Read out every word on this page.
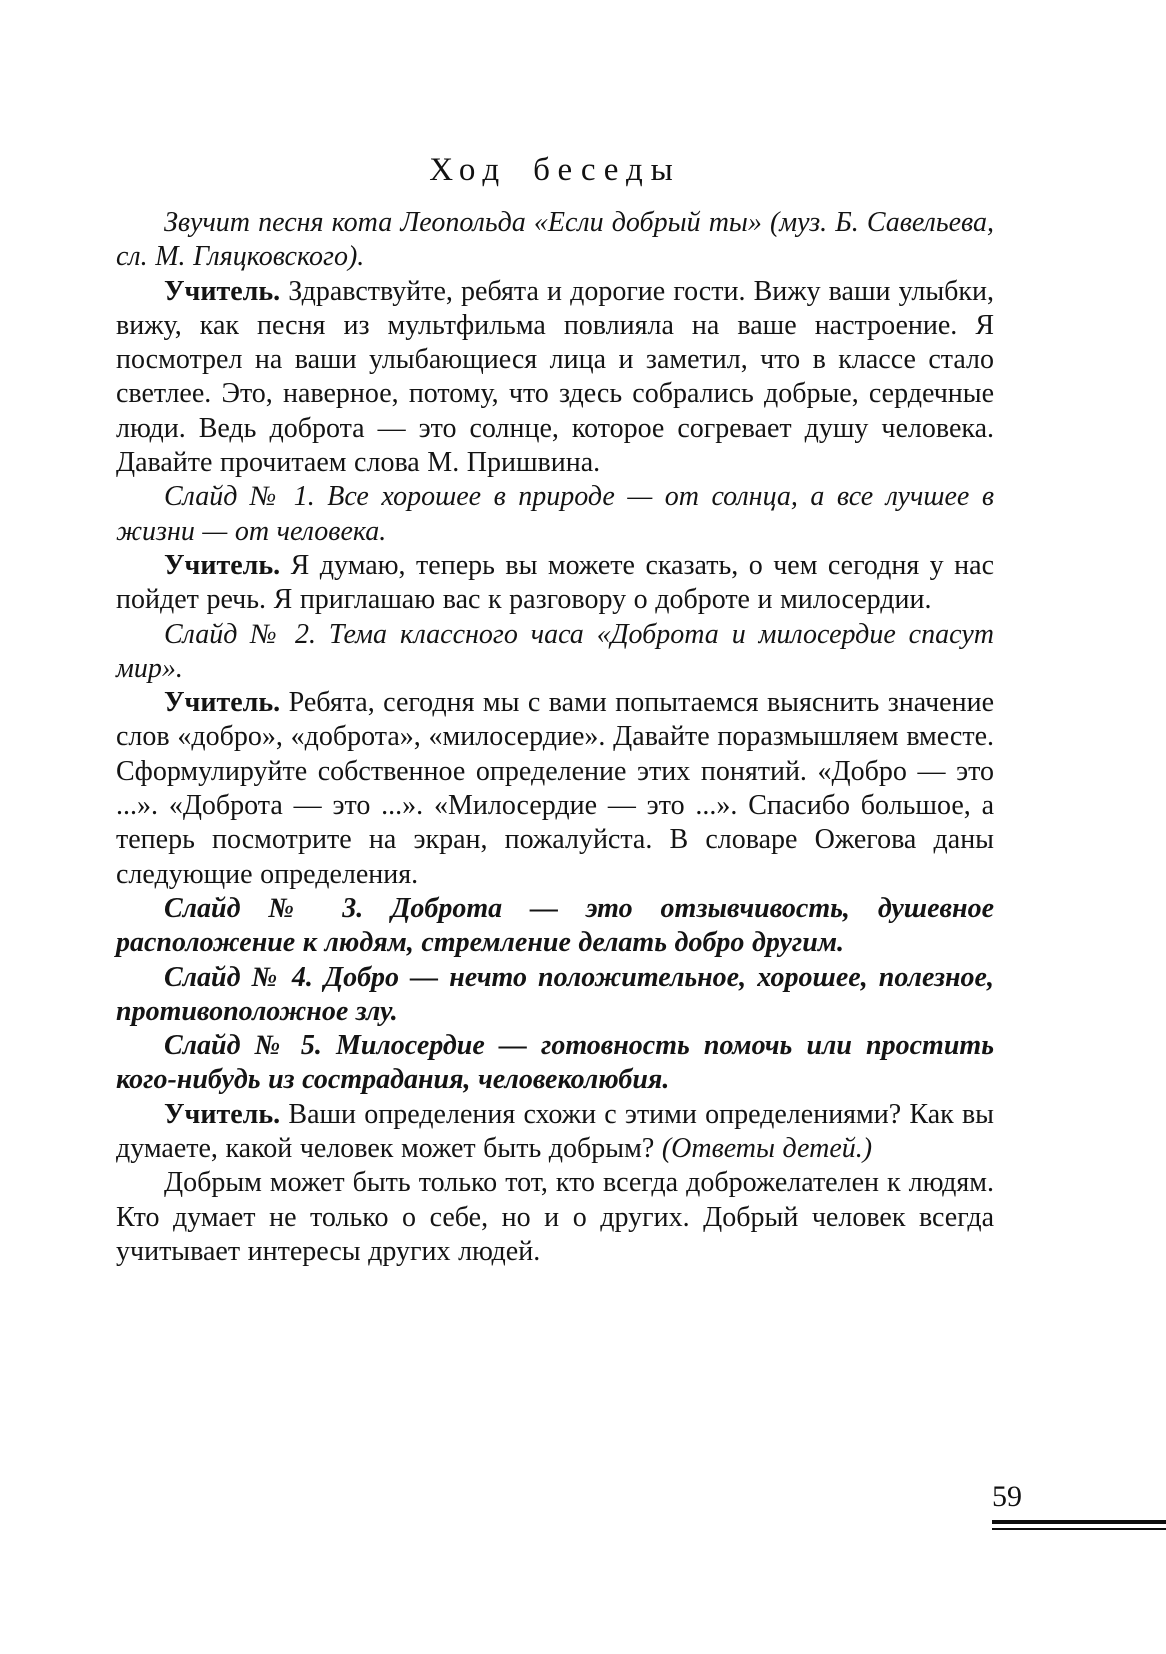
Ход беседы

Звучит песня кота Леопольда «Если добрый ты» (муз. Б. Савельева, сл. М. Гляцковского).

Учитель. Здравствуйте, ребята и дорогие гости. Вижу ваши улыбки, вижу, как песня из мультфильма повлияла на ваше настроение. Я посмотрел на ваши улыбающиеся лица и заметил, что в классе стало светлее. Это, наверное, потому, что здесь собрались добрые, сердечные люди. Ведь доброта — это солнце, которое согревает душу человека. Давайте прочитаем слова М. Пришвина.

Слайд № 1. Все хорошее в природе — от солнца, а все лучшее в жизни — от человека.

Учитель. Я думаю, теперь вы можете сказать, о чем сегодня у нас пойдет речь. Я приглашаю вас к разговору о доброте и милосердии.

Слайд № 2. Тема классного часа «Доброта и милосердие спасут мир».

Учитель. Ребята, сегодня мы с вами попытаемся выяснить значение слов «добро», «доброта», «милосердие». Давайте поразмышляем вместе. Сформулируйте собственное определение этих понятий. «Добро — это ...». «Доброта — это ...». «Милосердие — это ...». Спасибо большое, а теперь посмотрите на экран, пожалуйста. В словаре Ожегова даны следующие определения.

Слайд № 3. Доброта — это отзывчивость, душевное расположение к людям, стремление делать добро другим.

Слайд № 4. Добро — нечто положительное, хорошее, полезное, противоположное злу.

Слайд № 5. Милосердие — готовность помочь или простить кого-нибудь из сострадания, человеколюбия.

Учитель. Ваши определения схожи с этими определениями? Как вы думаете, какой человек может быть добрым? (Ответы детей.)

Добрым может быть только тот, кто всегда доброжелателен к людям. Кто думает не только о себе, но и о других. Добрый человек всегда учитывает интересы других людей.

59
